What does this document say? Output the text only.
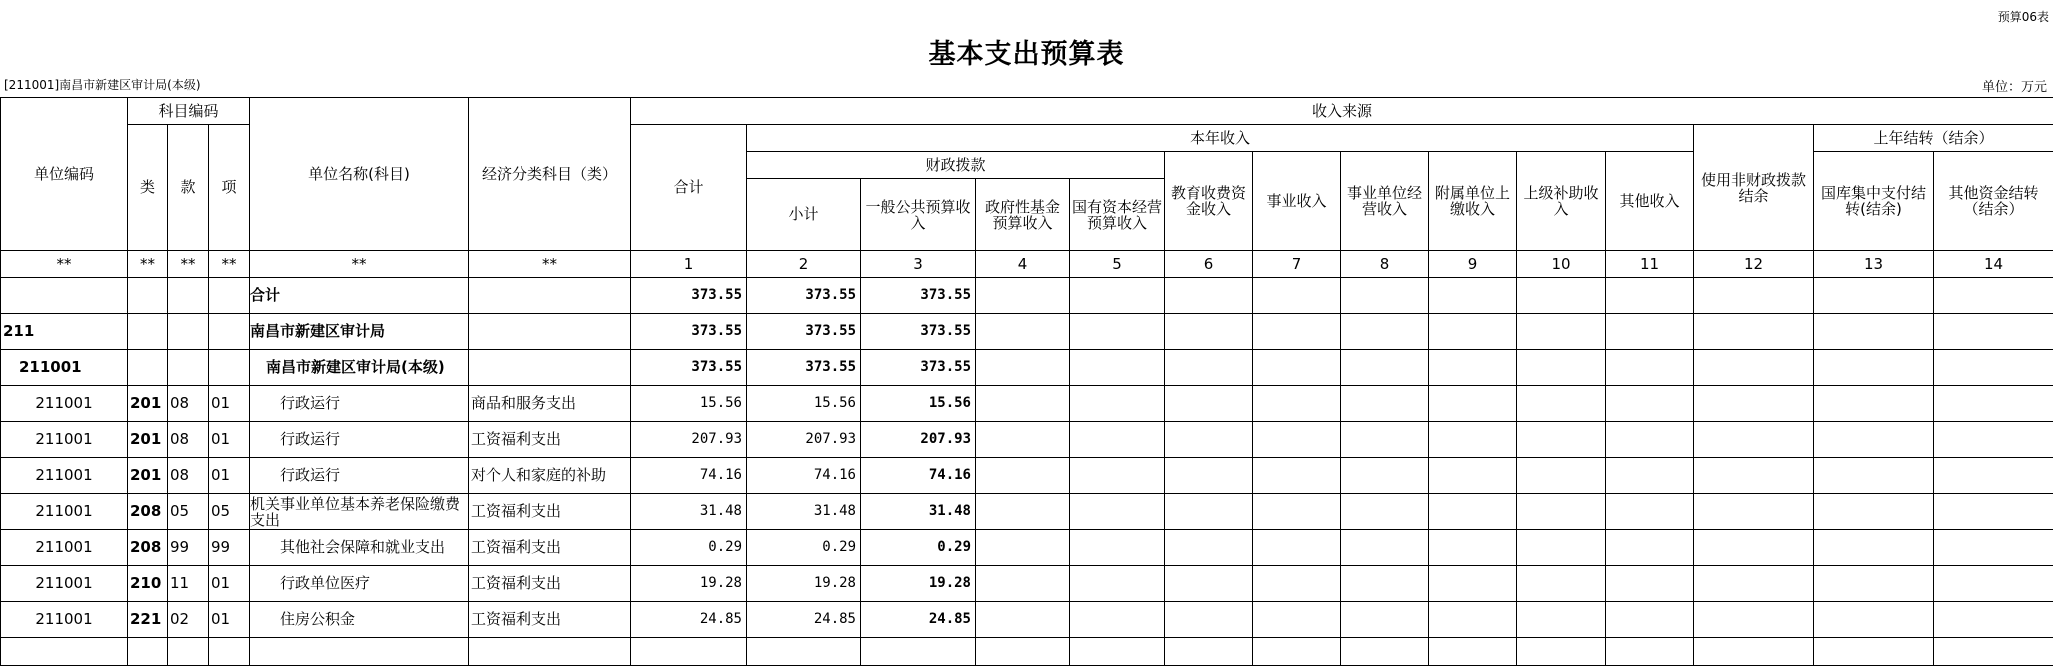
预算06表
基本支出预算表
[211001]南昌市新建区审计局(本级)	单位：万元
单位编码	科目编码			单位名称(科目)	经济分类科目（类）	收入来源													
	类	款	项			合计	本年收入										使用非财政拨款结余	上年结转（结余）	
							财政拨款				教育收费资金收入	事业收入	事业单位经营收入	附属单位上缴收入	上级补助收入	其他收入		国库集中支付结转(结余)	其他资金结转（结余）
							小计	一般公共预算收入	政府性基金预算收入	国有资本经营预算收入									

**	**	**	**	**	**	1	2	3	4	5	6	7	8	9	10	11	12	13	14
				合计		373.55	373.55	373.55											
211				南昌市新建区审计局		373.55	373.55	373.55											
211001				南昌市新建区审计局(本级)		373.55	373.55	373.55											
211001	201	08	01	行政运行	商品和服务支出	15.56	15.56	15.56											
211001	201	08	01	行政运行	工资福利支出	207.93	207.93	207.93											
211001	201	08	01	行政运行	对个人和家庭的补助	74.16	74.16	74.16											
211001	208	05	05	机关事业单位基本养老保险缴费支出	工资福利支出	31.48	31.48	31.48											
211001	208	99	99	其他社会保障和就业支出	工资福利支出	0.29	0.29	0.29											
211001	210	11	01	行政单位医疗	工资福利支出	19.28	19.28	19.28											
211001	221	02	01	住房公积金	工资福利支出	24.85	24.85	24.85											
